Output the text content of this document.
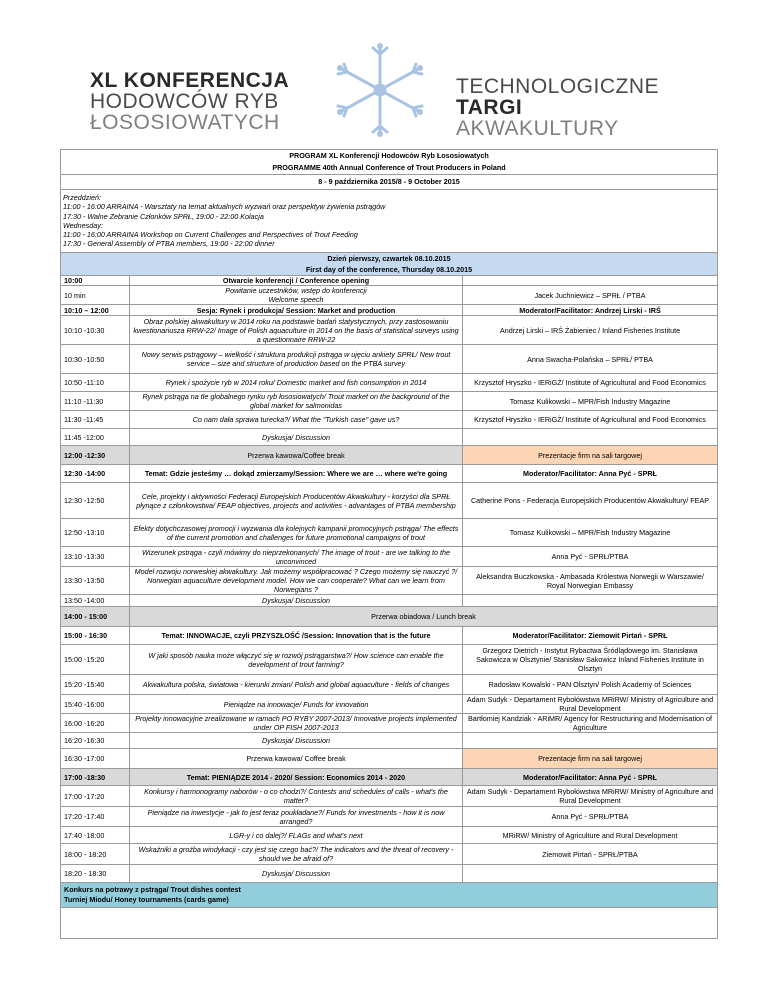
XL KONFERENCJA
HODOWCÓW RYB
ŁOSOSIOWATYCH
TECHNOLOGICZNE
TARGI
AKWAKULTURY
PROGRAM XL Konferencji Hodowców Ryb Łososiowatych
PROGRAMME 40th Annual Conference of Trout Producers in Poland
8 - 9 października 2015/8 - 9 October 2015
Przeddzień:
11:00 - 16:00 ARRAINA - Warsztaty na temat aktualnych wyzwań oraz perspektyw żywienia pstrągów
17:30 - Walne Zebranie Członków SPRŁ, 19:00 - 22:00 Kolacja
Wednesday:
11:00 - 16:00 ARRAINA Workshop on Current Challenges and Perspectives of Trout Feeding
17:30 - General Assembly of PTBA members, 19:00 - 22:00 dinner
Dzień pierwszy, czwartek 08.10.2015
First day of the conference, Thursday 08.10.2015
10:00	Otwarcie konferencji / Conference opening	
10 min	Powitanie uczestników, wstęp do konferencji
Welcome speech	Jacek Juchniewicz – SPRŁ / PTBA
10:10 – 12:00	Sesja: Rynek i produkcja/ Session: Market and production	Moderator/Facilitator: Andrzej Lirski - IRŚ
10:10 -10:30	Obraz polskiej akwakultury w 2014 roku na podstawie badań statystycznych, przy zastosowaniu kwestionariusza RRW-22/ Image of Polish aquaculture in 2014 on the basis of statistical surveys using a questionnaire RRW-22	Andrzej Lirski – IRŚ Żabieniec / Inland Fisheries Institute
10:30 -10:50	Nowy serwis pstrągowy – wielkość i struktura produkcji pstrąga w ujęciu ankiety SPRŁ/ New trout service – size and structure of production based on the PTBA survey	Anna Swacha-Polańska – SPRŁ/ PTBA
10:50 -11:10	Rynek i spożycie ryb w 2014 roku/ Domestic market and fish consumption in 2014	Krzysztof Hryszko - IERiGŻ/ Institute of Agricultural and Food Economics
11:10 -11:30	Rynek pstrąga na tle globalnego rynku ryb łososiowatych/ Trout market on the background of the global market for salmonidas	Tomasz Kulikowski – MPR/Fish Industry Magazine
11:30 -11:45	Co nam dała sprawa turecka?/ What the "Turkish case" gave us?	Krzysztof Hryszko - IERiGŻ/ Institute of Agricultural and Food Economics
11:45 -12:00	Dyskusja/ Discussion	
12:00 -12:30	Przerwa kawowa/Coffee break	Prezentacje firm na sali targowej
12:30 -14:00	Temat: Gdzie jesteśmy … dokąd zmierzamy/Session: Where we are … where we're going	Moderator/Facilitator: Anna Pyć - SPRŁ
12:30 -12:50	Cele, projekty i aktywności Federacji Europejskich Producentów Akwakultury - korzyści dla SPRŁ płynące z członkowstwa/ FEAP objectives, projects and activities - advantages of PTBA membership	Catherine Pons - Federacja Europejskich Producentów Akwakultury/ FEAP
12:50 -13:10	Efekty dotychczasowej promocji i wyzwania dla kolejnych kampanii promocyjnych pstrąga/ The effects of the current promotion and challenges for future promotional campaigns of trout	Tomasz Kulikowski – MPR/Fish Industry Magazine
13:10 -13:30	Wizerunek pstrąga - czyli mówimy do nieprzekonanych/ The image of trout - are we talking to the unconvinced	Anna Pyć - SPRŁ/PTBA
13:30 -13:50	Model rozwoju norweskiej akwakultury. Jak możemy współpracować ? Czego możemy się nauczyć ?/ Norwegian aquaculture development model. How we can cooperate? What can we learn from Norwegians ?	Aleksandra Buczkowska - Ambasada Królestwa Norwegii w Warszawie/ Royal Norwegian Embassy
13:50 -14:00	Dyskusja/ Discussion	
14:00 - 15:00	Przerwa obiadowa / Lunch break	
15:00 - 16:30	Temat: INNOWACJE, czyli PRZYSZŁOŚĆ /Session: Innovation that is the future	Moderator/Facilitator: Ziemowit Pirtań - SPRŁ
15:00 -15:20	W jaki sposób nauka może włączyć się w rozwój pstrągarstwa?/ How science can enable the development of trout farming?	Grzegorz Dietrich - Instytut Rybactwa Śródlądowego im. Stanisława Sakowicza w Olsztynie/ Stanisław Sakowicz Inland Fisheries Institute in Olsztyn
15:20 -15:40	Akwakultura polska, światowa - kierunki zmian/ Polish and global aquaculture - fields of changes	Radosław Kowalski - PAN Olsztyn/ Polish Academy of Sciences
15:40 -16:00	Pieniądze na innowacje/ Funds for innovation	Adam Sudyk - Departament Rybołówstwa MRiRW/ Ministry of Agriculture and Rural Development
16:00 -16:20	Projekty innowacyjne zrealizowane w ramach PO RYBY 2007-2013/ Innovative projects implemented under OP FISH 2007-2013	Bartłomiej Kandziak - ARiMR/ Agency for Restructuring and Modernisation of Agriculture
16:20 -16:30	Dyskusja/ Discussion	
16:30 -17:00	Przerwa kawowa/ Coffee break	Prezentacje firm na sali targowej
17:00 -18:30	Temat: PIENIĄDZE 2014 - 2020/ Session: Economics 2014 - 2020	Moderator/Facilitator: Anna Pyć - SPRŁ
17:00 -17:20	Konkursy i harmonogramy naborów - o co chodzi?/ Contests and schedules of calls - what's the matter?	Adam Sudyk - Departament Rybołówstwa MRiRW/ Ministry of Agriculture and Rural Development
17:20 -17:40	Pieniądze na inwestycje - jak to jest teraz poukładane?/ Funds for investments - how it is now arranged?	Anna Pyć - SPRŁ/PTBA
17:40 -18:00	LGR-y i co dalej?/ FLAGs and what's next	MRiRW/ Ministry of Agriculture and Rural Development
18:00 - 18:20	Wskaźniki a groźba windykacji - czy jest się czego bać?/ The indicators and the threat of recovery - should we be afraid of?	Ziemowit Pirtań - SPRŁ/PTBA
18:20 - 18:30	Dyskusja/ Discussion	
Konkurs na potrawy z pstrąga/ Trout dishes contest
Turniej Miodu/ Honey tournaments (cards game)
